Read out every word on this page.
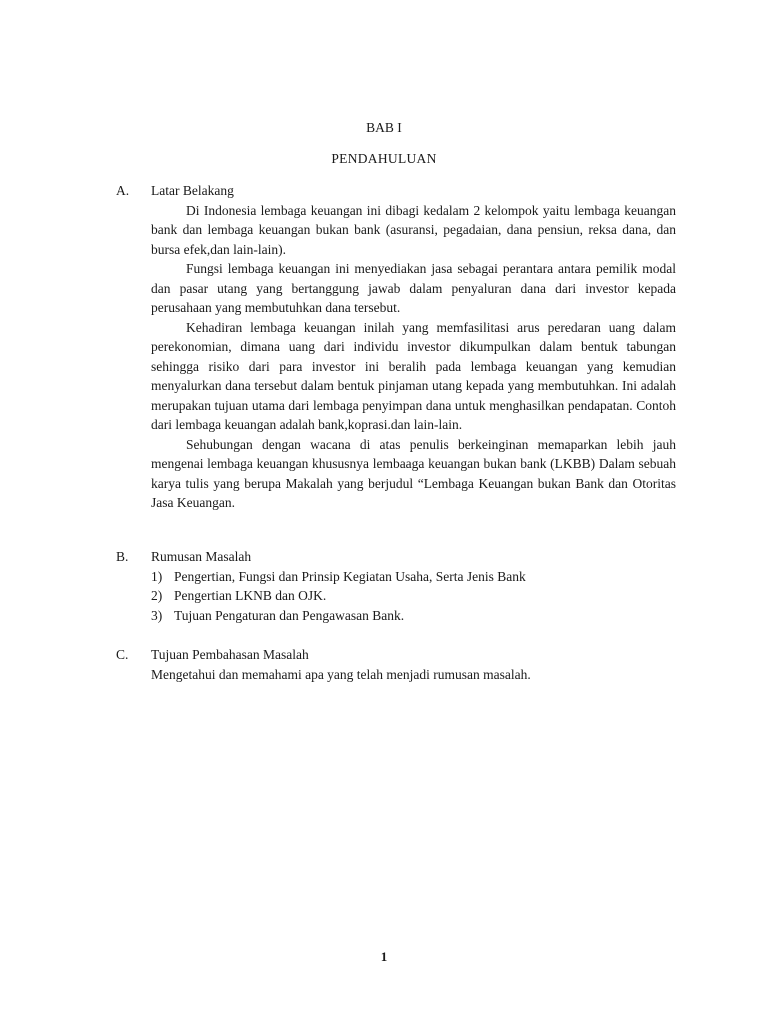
BAB I
PENDAHULUAN
A.	Latar Belakang

Di Indonesia lembaga keuangan ini dibagi kedalam 2 kelompok yaitu lembaga keuangan bank dan lembaga keuangan bukan bank (asuransi, pegadaian, dana pensiun, reksa dana, dan bursa efek,dan lain-lain).

Fungsi lembaga keuangan ini menyediakan jasa sebagai perantara antara pemilik modal dan pasar utang yang bertanggung jawab dalam penyaluran dana dari investor kepada perusahaan yang membutuhkan dana tersebut.

Kehadiran lembaga keuangan inilah yang memfasilitasi arus peredaran uang dalam perekonomian, dimana uang dari individu investor dikumpulkan dalam bentuk tabungan sehingga risiko dari para investor ini beralih pada lembaga keuangan yang kemudian menyalurkan dana tersebut dalam bentuk pinjaman utang kepada yang membutuhkan. Ini adalah merupakan tujuan utama dari lembaga penyimpan dana untuk menghasilkan pendapatan. Contoh dari lembaga keuangan adalah bank,koprasi.dan lain-lain.

Sehubungan dengan wacana di atas penulis berkeinginan memaparkan lebih jauh mengenai lembaga keuangan khususnya lembaaga keuangan bukan bank (LKBB) Dalam sebuah karya tulis yang berupa Makalah yang berjudul “Lembaga Keuangan bukan Bank dan Otoritas Jasa Keuangan.

B.	Rumusan Masalah
1) Pengertian, Fungsi dan Prinsip Kegiatan Usaha, Serta Jenis Bank
2) Pengertian LKNB dan OJK.
3) Tujuan Pengaturan dan Pengawasan Bank.
C.	Tujuan Pembahasan Masalah

Mengetahui dan memahami apa yang telah menjadi rumusan masalah.

1
